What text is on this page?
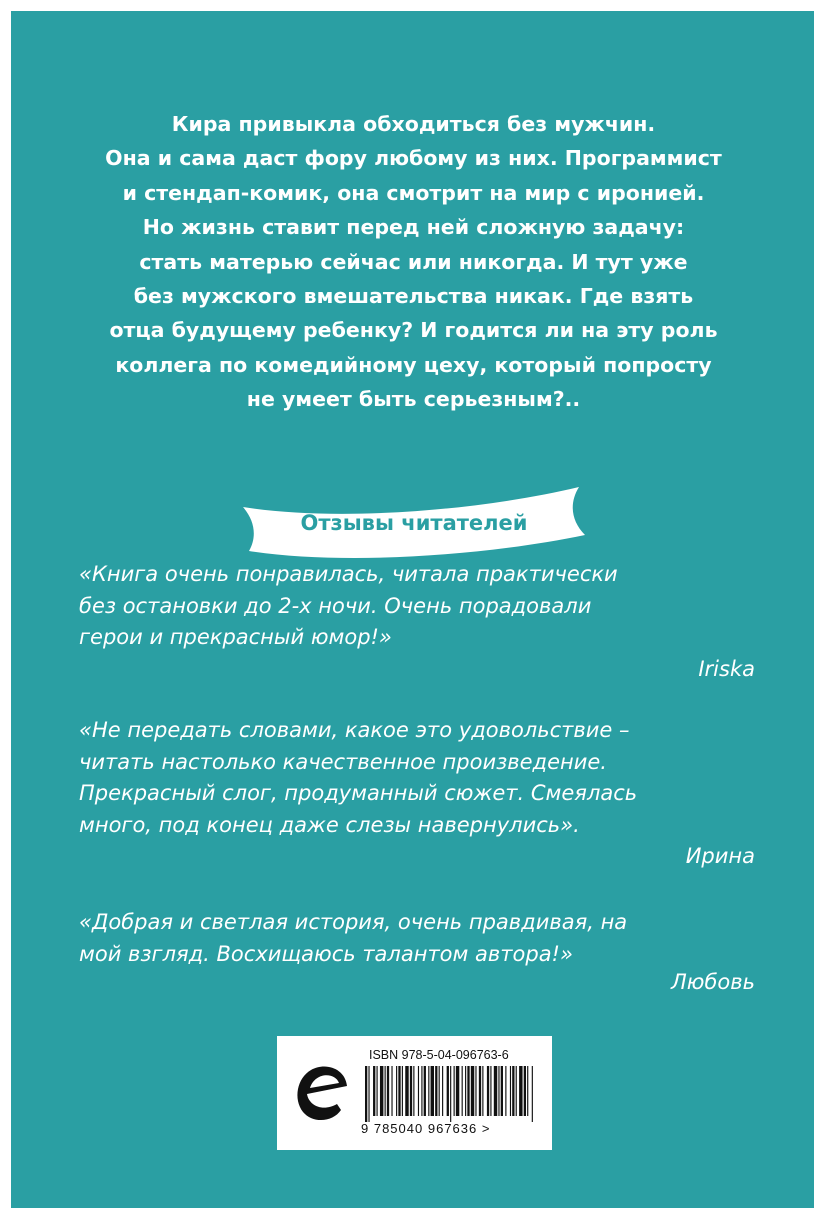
Кира привыкла обходиться без мужчин.
Она и сама даст фору любому из них. Программист
и стендап-комик, она смотрит на мир с иронией.
Но жизнь ставит перед ней сложную задачу:
стать матерью сейчас или никогда. И тут уже
без мужского вмешательства никак. Где взять
отца будущему ребенку? И годится ли на эту роль
коллега по комедийному цеху, который попросту
не умеет быть серьезным?..
Отзывы читателей

«Книга очень понравилась, читала практически
без остановки до 2-х ночи. Очень порадовали
герои и прекрасный юмор!»

Iriska

«Не передать словами, какое это удовольствие –
читать настолько качественное произведение.
Прекрасный слог, продуманный сюжет. Смеялась
много, под конец даже слезы навернулись».

Ирина

«Добрая и светлая история, очень правдивая, на
мой взгляд. Восхищаюсь талантом автора!»

Любовь

ISBN 978-5-04-096763-6
9 785040 967636 >
